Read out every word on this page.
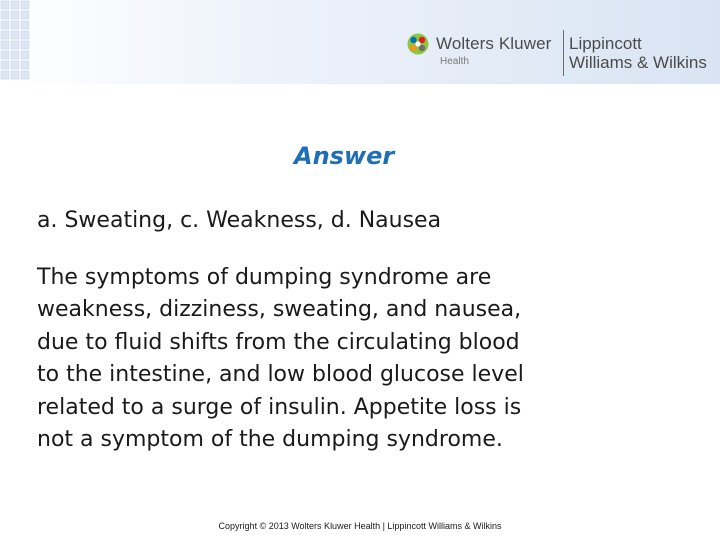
Wolters Kluwer
Health
Lippincott
Williams & Wilkins
Answer
a. Sweating, c. Weakness, d. Nausea
The symptoms of dumping syndrome are
weakness, dizziness, sweating, and nausea,
due to fluid shifts from the circulating blood
to the intestine, and low blood glucose level
related to a surge of insulin. Appetite loss is
not a symptom of the dumping syndrome.
Copyright © 2013 Wolters Kluwer Health | Lippincott Williams & Wilkins
